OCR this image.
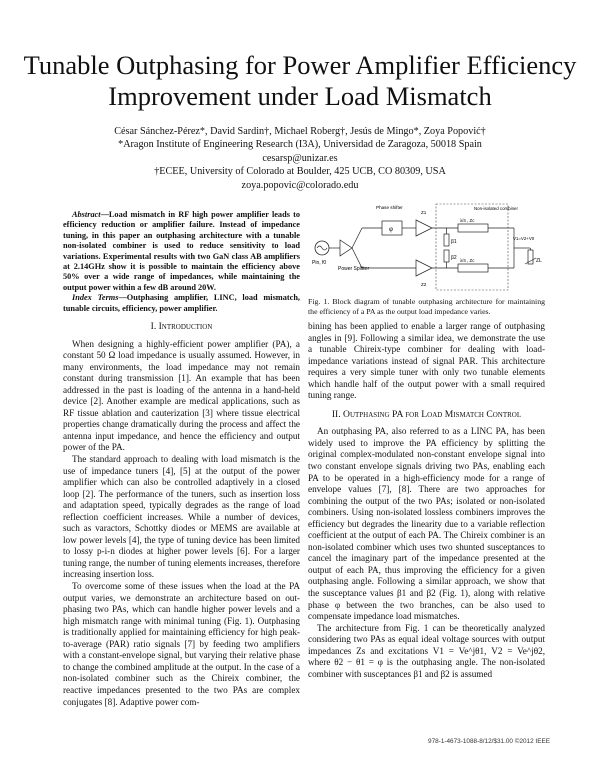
Tunable Outphasing for Power Amplifier Efficiency
Improvement under Load Mismatch
César Sánchez-Pérez*, David Sardin†, Michael Roberg†, Jesús de Mingo*, Zoya Popović†
*Aragon Institute of Engineering Research (I3A), Universidad de Zaragoza, 50018 Spain
cesarsp@unizar.es
†ECEE, University of Colorado at Boulder, 425 UCB, CO 80309, USA
zoya.popovic@colorado.edu

Abstract—Load mismatch in RF high power amplifier leads to efficiency reduction or amplifier failure. Instead of impedance tuning, in this paper an outphasing architecture with a tunable non-isolated combiner is used to reduce sensitivity to load variations. Experimental results with two GaN class AB amplifiers at 2.14GHz show it is possible to maintain the efficiency above 50% over a wide range of impedances, while maintaining the output power within a few dB around 20W.

Index Terms—Outphasing amplifier, LINC, load mismatch, tunable circuits, efficiency, power amplifier.

I. Introduction

When designing a highly-efficient power amplifier (PA), a constant 50 Ω load impedance is usually assumed. However, in many environments, the load impedance may not remain constant during transmission [1]. An example that has been addressed in the past is loading of the antenna in a hand-held device [2]. Another example are medical applications, such as RF tissue ablation and cauterization [3] where tissue electrical properties change dramatically during the process and affect the antenna input impedance, and hence the efficiency and output power of the PA.

The standard approach to dealing with load mismatch is the use of impedance tuners [4], [5] at the output of the power amplifier which can also be controlled adaptively in a closed loop [2]. The performance of the tuners, such as insertion loss and adaptation speed, typically degrades as the range of load reflection coefficient increases. While a number of devices, such as varactors, Schottky diodes or MEMS are available at low power levels [4], the type of tuning device has been limited to lossy p-i-n diodes at higher power levels [6]. For a larger tuning range, the number of tuning elements increases, therefore increasing insertion loss.

To overcome some of these issues when the load at the PA output varies, we demonstrate an architecture based on out-phasing two PAs, which can handle higher power levels and a high mismatch range with minimal tuning (Fig. 1). Outphasing is traditionally applied for maintaining efficiency for high peak-to-average (PAR) ratio signals [7] by feeding two amplifiers with a constant-envelope signal, but varying their relative phase to change the combined amplitude at the output. In the case of a non-isolated combiner such as the Chireix combiner, the reactive impedances presented to the two PAs are complex conjugates [8]. Adaptive power com-

Pin, f0
Power Splitter
φ
Phase shifter
Z1
Z2
Non-isolated combiner
β1
β2
λ/4 , Zc
λ/4 , Zc
V1=V2+V0
ZL
Fig. 1. Block diagram of tunable outphasing architecture for maintaining the efficiency of a PA as the output load impedance varies.

bining has been applied to enable a larger range of outphasing angles in [9]. Following a similar idea, we demonstrate the use a tunable Chireix-type combiner for dealing with load-impedance variations instead of signal PAR. This architecture requires a very simple tuner with only two tunable elements which handle half of the output power with a small required tuning range.

II. Outphasing PA for Load Mismatch Control

An outphasing PA, also referred to as a LINC PA, has been widely used to improve the PA efficiency by splitting the original complex-modulated non-constant envelope signal into two constant envelope signals driving two PAs, enabling each PA to be operated in a high-efficiency mode for a range of envelope values [7], [8]. There are two approaches for combining the output of the two PAs; isolated or non-isolated combiners. Using non-isolated lossless combiners improves the efficiency but degrades the linearity due to a variable reflection coefficient at the output of each PA. The Chireix combiner is an non-isolated combiner which uses two shunted susceptances to cancel the imaginary part of the impedance presented at the output of each PA, thus improving the efficiency for a given outphasing angle. Following a similar approach, we show that the susceptance values β1 and β2 (Fig. 1), along with relative phase φ between the two branches, can be also used to compensate impedance load mismatches.

The architecture from Fig. 1 can be theoretically analyzed considering two PAs as equal ideal voltage sources with output impedances Zs and excitations V1 = Ve^jθ1, V2 = Ve^jθ2, where θ2 − θ1 = φ is the outphasing angle. The non-isolated combiner with susceptances β1 and β2 is assumed

978-1-4673-1088-8/12/$31.00 ©2012 IEEE
